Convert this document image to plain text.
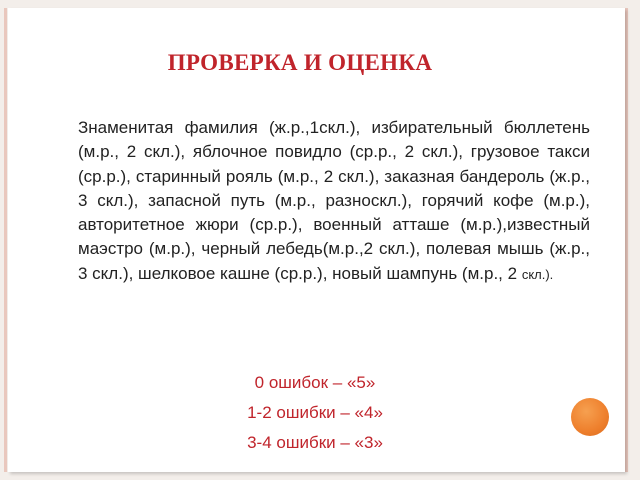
ПРОВЕРКА И ОЦЕНКА
Знаменитая фамилия (ж.р.,1скл.), избирательный бюллетень (м.р., 2 скл.), яблочное повидло (ср.р., 2 скл.), грузовое такси (ср.р.), старинный рояль (м.р., 2 скл.), заказная бандероль (ж.р., 3 скл.), запасной путь (м.р., разноскл.), горячий кофе (м.р.), авторитетное жюри (ср.р.), военный атташе (м.р.),известный маэстро (м.р.), черный лебедь(м.р.,2 скл.), полевая мышь (ж.р., 3 скл.), шелковое кашне (ср.р.), новый шампунь (м.р., 2 скл.).
0 ошибок – «5»
1-2 ошибки – «4»
3-4 ошибки – «3»
